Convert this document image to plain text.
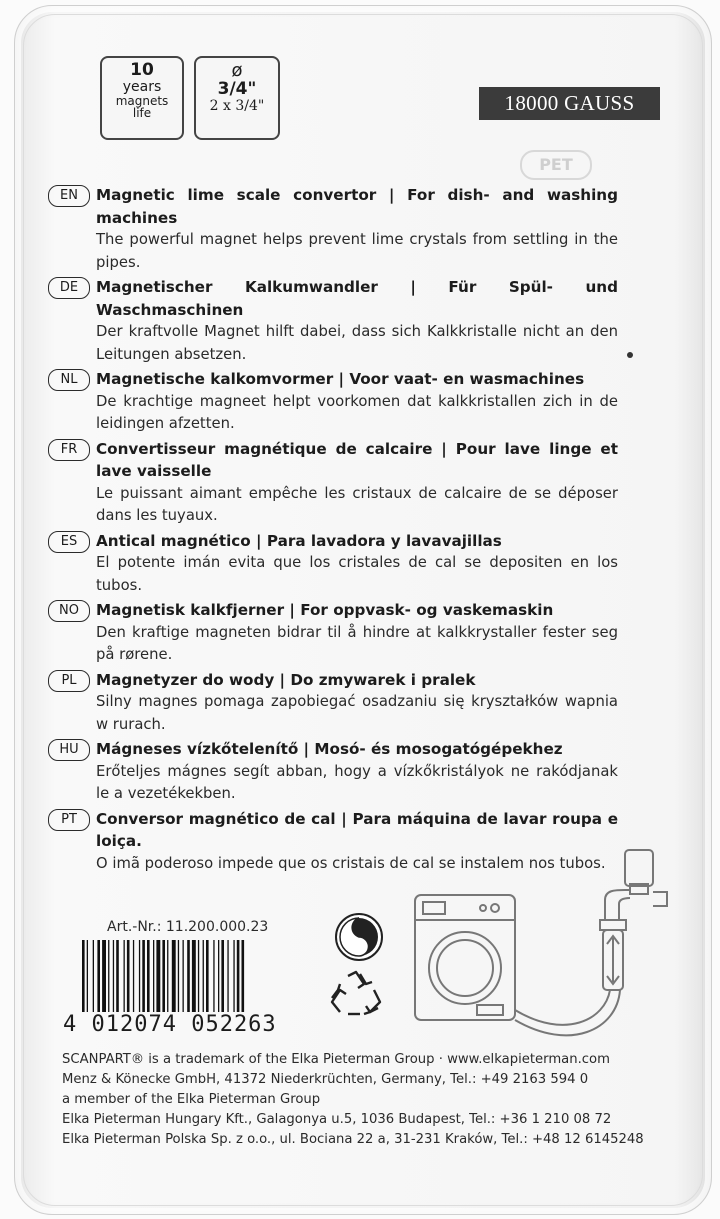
10
years
magnets
life
ø
3/4"
2 x 3/4"	18000 GAUSS
PET
EN	Magnetic lime scale convertor | For dish- and washing machines
The powerful magnet helps prevent lime crystals from settling in the pipes.
DE	Magnetischer Kalkumwandler | Für Spül- und Waschmaschinen
Der kraftvolle Magnet hilft dabei, dass sich Kalkkristalle nicht an den Leitungen absetzen.
NL	Magnetische kalkomvormer | Voor vaat- en wasmachines
De krachtige magneet helpt voorkomen dat kalkkristallen zich in de leidingen afzetten.
FR	Convertisseur magnétique de calcaire | Pour lave linge et lave vaisselle
Le puissant aimant empêche les cristaux de calcaire de se déposer dans les tuyaux.
ES	Antical magnético | Para lavadora y lavavajillas
El potente imán evita que los cristales de cal se depositen en los tubos.
NO	Magnetisk kalkfjerner | For oppvask- og vaskemaskin
Den kraftige magneten bidrar til å hindre at kalkkrystaller fester seg på rørene.
PL	Magnetyzer do wody | Do zmywarek i pralek
Silny magnes pomaga zapobiegać osadzaniu się kryształków wapnia w rurach.
HU	Mágneses vízkőtelenítő | Mosó- és mosogatógépekhez
Erőteljes mágnes segít abban, hogy a vízkőkristályok ne rakódjanak le a vezetékekben.
PT	Conversor magnético de cal | Para máquina de lavar roupa e loiça.
O imã poderoso impede que os cristais de cal se instalem nos tubos.
Art.-Nr.: 11.200.000.23
4 012074 052263
SCANPART® is a trademark of the Elka Pieterman Group · www.elkapieterman.com
Menz & Könecke GmbH, 41372 Niederkrüchten, Germany, Tel.: +49 2163 594 0
a member of the Elka Pieterman Group
Elka Pieterman Hungary Kft., Galagonya u.5, 1036 Budapest, Tel.: +36 1 210 08 72
Elka Pieterman Polska Sp. z o.o., ul. Bociana 22 a, 31-231 Kraków, Tel.: +48 12 6145248
